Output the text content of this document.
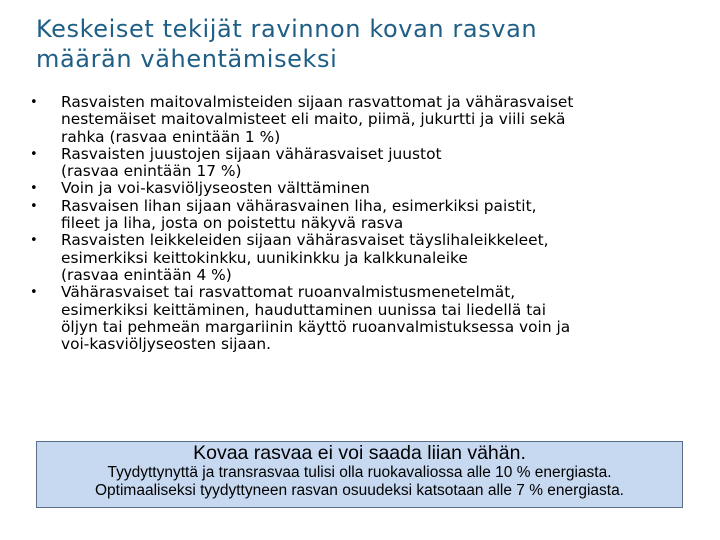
Keskeiset tekijät ravinnon kovan rasvan
määrän vähentämiseksi
• Rasvaisten maitovalmisteiden sijaan rasvattomat ja vähärasvaiset
nestemäiset maitovalmisteet eli maito, piimä, jukurtti ja viili sekä
rahka (rasvaa enintään 1 %)
• Rasvaisten juustojen sijaan vähärasvaiset juustot
(rasvaa enintään 17 %)
• Voin ja voi-kasviöljyseosten välttäminen
• Rasvaisen lihan sijaan vähärasvainen liha, esimerkiksi paistit,
fileet ja liha, josta on poistettu näkyvä rasva
• Rasvaisten leikkeleiden sijaan vähärasvaiset täyslihaleikkeleet,
esimerkiksi keittokinkku, uunikinkku ja kalkkunaleike
(rasvaa enintään 4 %)
• Vähärasvaiset tai rasvattomat ruoanvalmistusmenetelmät,
esimerkiksi keittäminen, hauduttaminen uunissa tai liedellä tai
öljyn tai pehmeän margariinin käyttö ruoanvalmistuksessa voin ja
voi-kasviöljyseosten sijaan.
Kovaa rasvaa ei voi saada liian vähän.
Tyydyttynyttä ja transrasvaa tulisi olla ruokavaliossa alle 10 % energiasta.
Optimaaliseksi tyydyttyneen rasvan osuudeksi katsotaan alle 7 % energiasta.
